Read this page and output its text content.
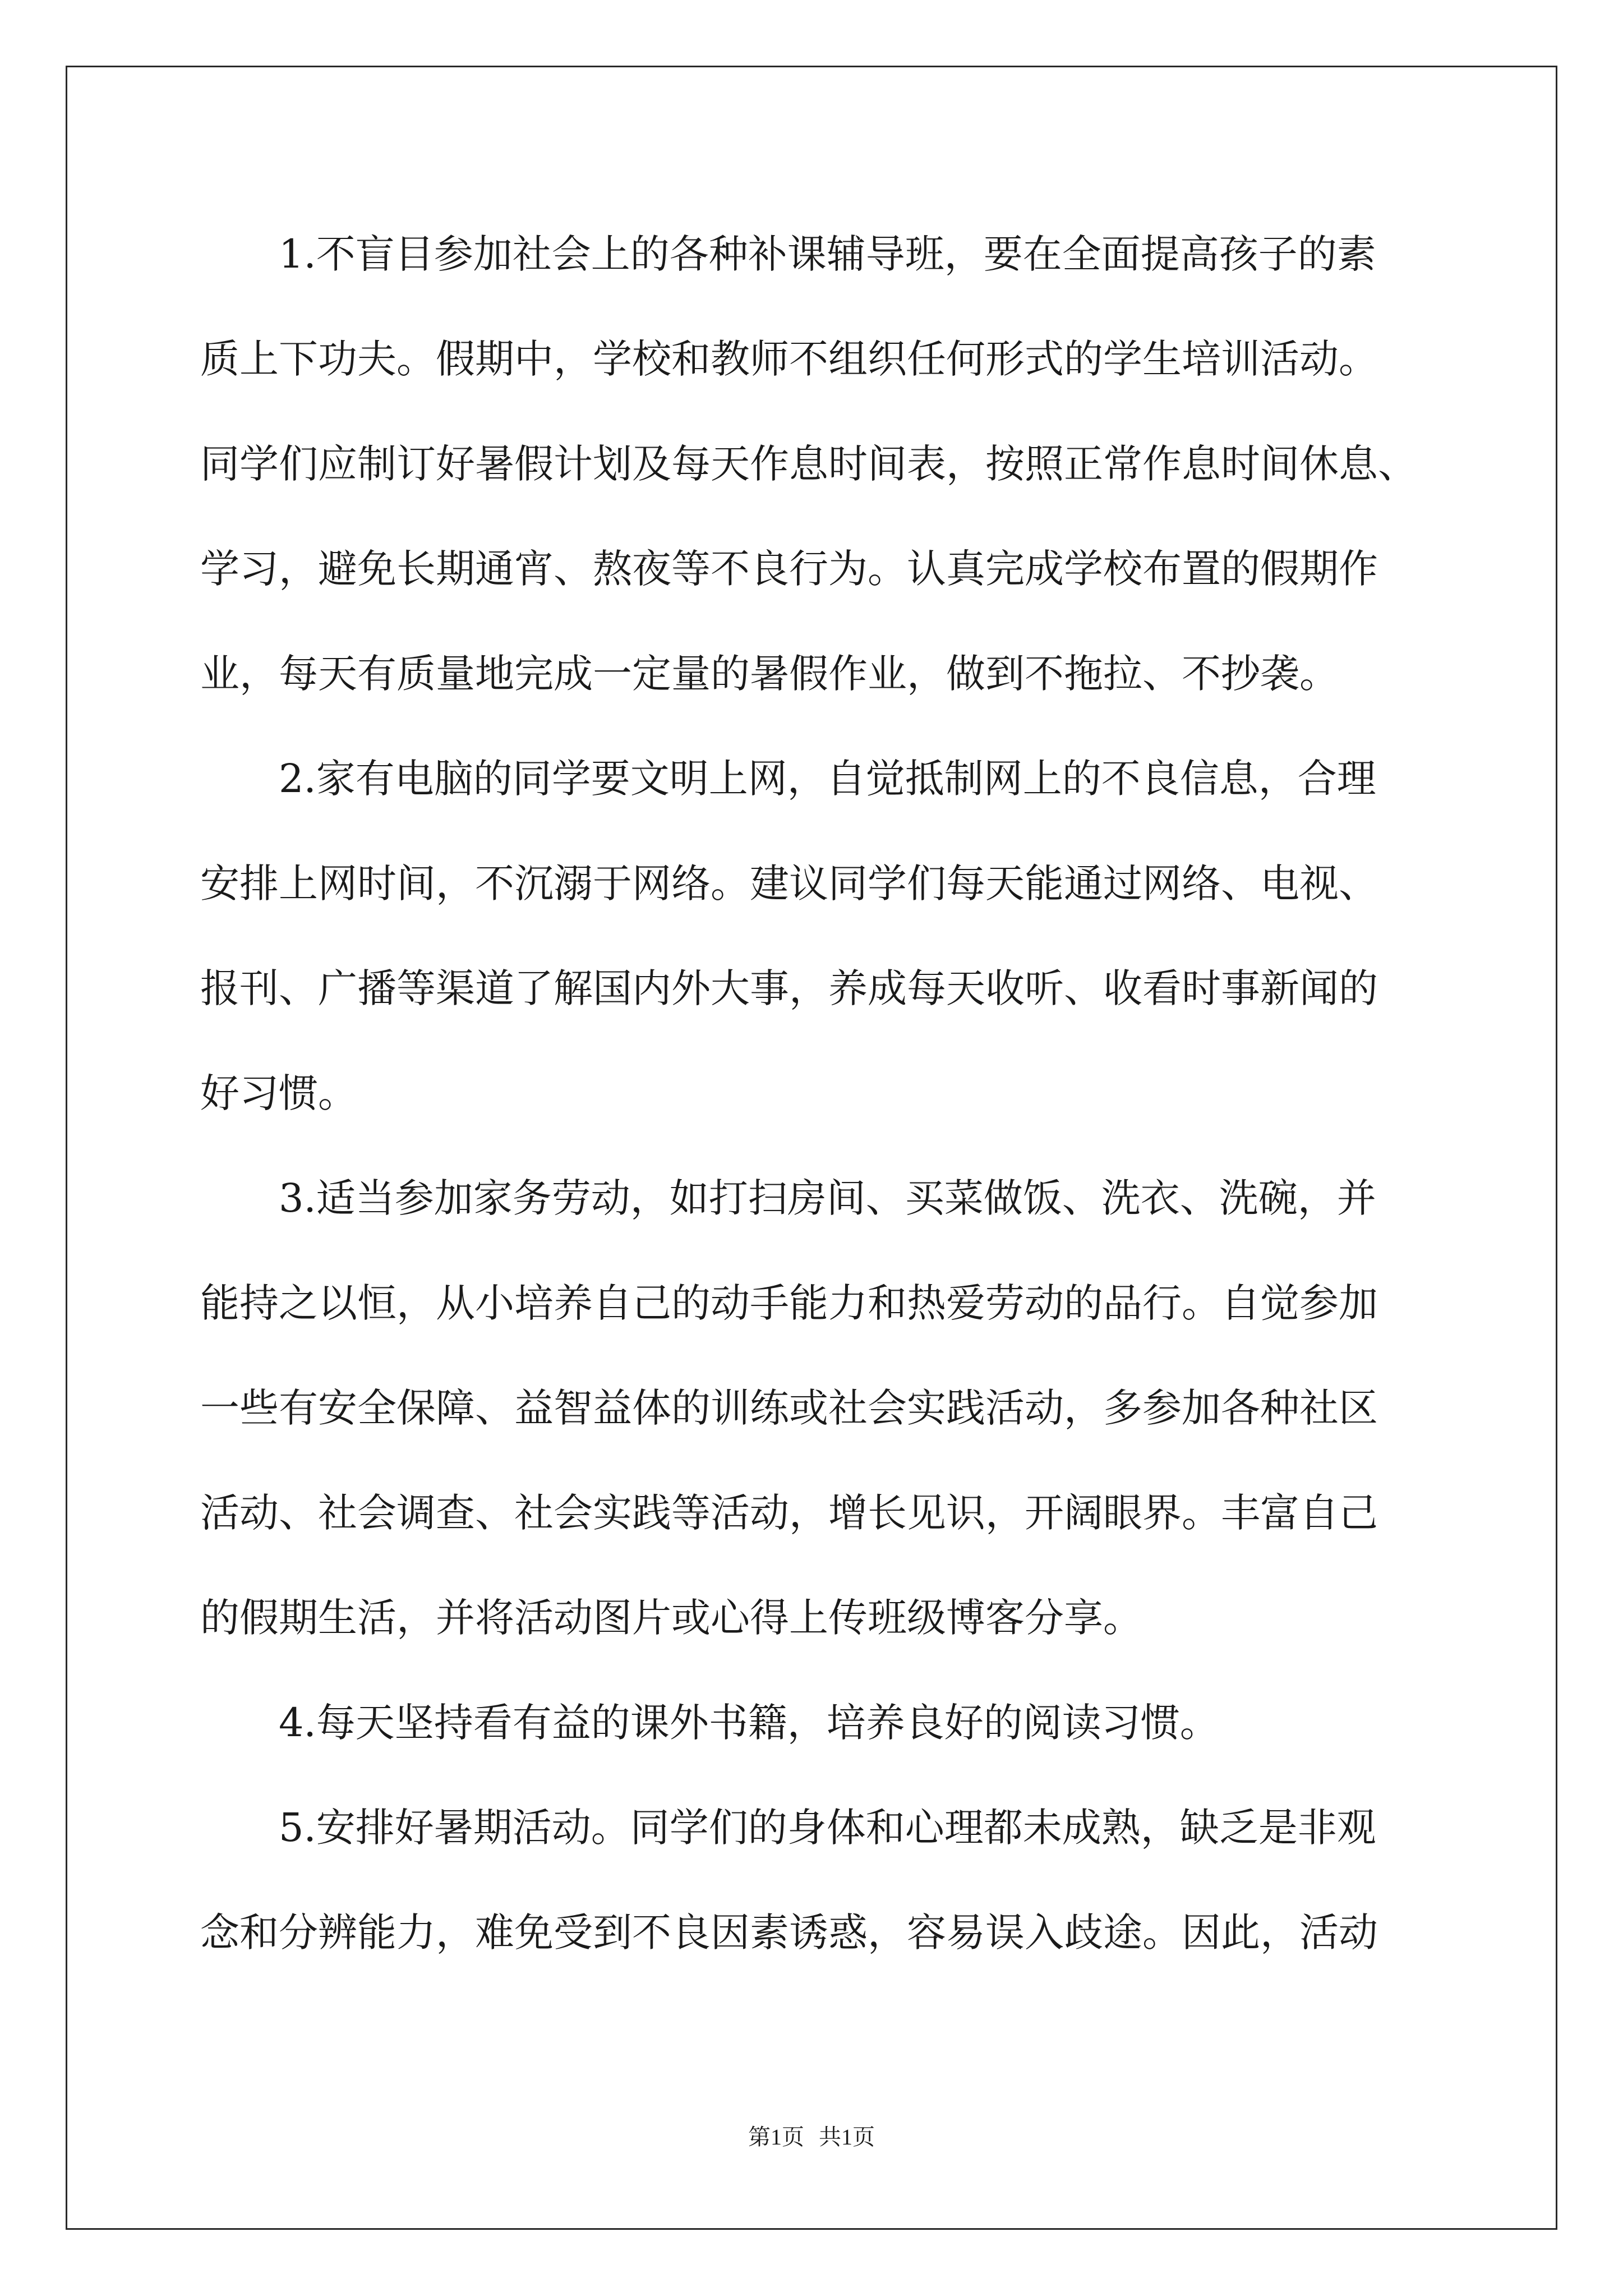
1.不盲目参加社会上的各种补课辅导班，要在全面提高孩子的素
质上下功夫。假期中，学校和教师不组织任何形式的学生培训活动。
同学们应制订好暑假计划及每天作息时间表，按照正常作息时间休息、
学习，避免长期通宵、熬夜等不良行为。认真完成学校布置的假期作
业，每天有质量地完成一定量的暑假作业，做到不拖拉、不抄袭。
2.家有电脑的同学要文明上网，自觉抵制网上的不良信息，合理
安排上网时间，不沉溺于网络。建议同学们每天能通过网络、电视、
报刊、广播等渠道了解国内外大事，养成每天收听、收看时事新闻的
好习惯。
3.适当参加家务劳动，如打扫房间、买菜做饭、洗衣、洗碗，并
能持之以恒，从小培养自己的动手能力和热爱劳动的品行。自觉参加
一些有安全保障、益智益体的训练或社会实践活动，多参加各种社区
活动、社会调查、社会实践等活动，增长见识，开阔眼界。丰富自己
的假期生活，并将活动图片或心得上传班级博客分享。
4.每天坚持看有益的课外书籍，培养良好的阅读习惯。
5.安排好暑期活动。同学们的身体和心理都未成熟，缺乏是非观
念和分辨能力，难免受到不良因素诱惑，容易误入歧途。因此，活动
第1页 共1页
